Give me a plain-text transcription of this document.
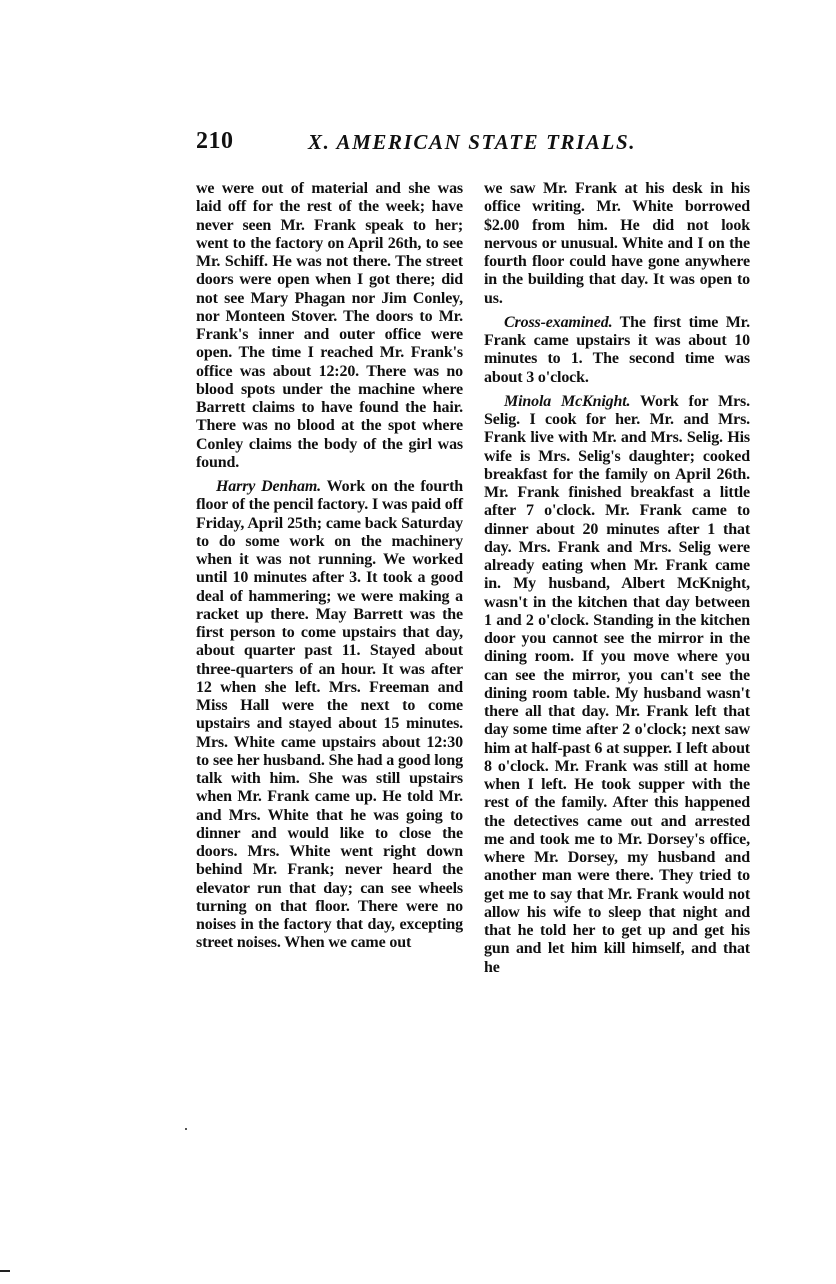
210	X. AMERICAN STATE TRIALS.

we were out of material and she was laid off for the rest of the week; have never seen Mr. Frank speak to her; went to the factory on April 26th, to see Mr. Schiff. He was not there. The street doors were open when I got there; did not see Mary Phagan nor Jim Conley, nor Monteen Stover. The doors to Mr. Frank's inner and outer office were open. The time I reached Mr. Frank's office was about 12:20. There was no blood spots under the machine where Barrett claims to have found the hair. There was no blood at the spot where Conley claims the body of the girl was found.

Harry Denham. Work on the fourth floor of the pencil factory. I was paid off Friday, April 25th; came back Saturday to do some work on the machinery when it was not running. We worked until 10 minutes after 3. It took a good deal of hammering; we were making a racket up there. May Barrett was the first person to come upstairs that day, about quarter past 11. Stayed about three-quarters of an hour. It was after 12 when she left. Mrs. Freeman and Miss Hall were the next to come upstairs and stayed about 15 minutes. Mrs. White came upstairs about 12:30 to see her husband. She had a good long talk with him. She was still upstairs when Mr. Frank came up. He told Mr. and Mrs. White that he was going to dinner and would like to close the doors. Mrs. White went right down behind Mr. Frank; never heard the elevator run that day; can see wheels turning on that floor. There were no noises in the factory that day, excepting street noises. When we came out

we saw Mr. Frank at his desk in his office writing. Mr. White borrowed $2.00 from him. He did not look nervous or unusual. White and I on the fourth floor could have gone anywhere in the building that day. It was open to us.

Cross-examined. The first time Mr. Frank came upstairs it was about 10 minutes to 1. The second time was about 3 o'clock.

Minola McKnight. Work for Mrs. Selig. I cook for her. Mr. and Mrs. Frank live with Mr. and Mrs. Selig. His wife is Mrs. Selig's daughter; cooked breakfast for the family on April 26th. Mr. Frank finished breakfast a little after 7 o'clock. Mr. Frank came to dinner about 20 minutes after 1 that day. Mrs. Frank and Mrs. Selig were already eating when Mr. Frank came in. My husband, Albert McKnight, wasn't in the kitchen that day between 1 and 2 o'clock. Standing in the kitchen door you cannot see the mirror in the dining room. If you move where you can see the mirror, you can't see the dining room table. My husband wasn't there all that day. Mr. Frank left that day some time after 2 o'clock; next saw him at half-past 6 at supper. I left about 8 o'clock. Mr. Frank was still at home when I left. He took supper with the rest of the family. After this happened the detectives came out and arrested me and took me to Mr. Dorsey's office, where Mr. Dorsey, my husband and another man were there. They tried to get me to say that Mr. Frank would not allow his wife to sleep that night and that he told her to get up and get his gun and let him kill himself, and that he
